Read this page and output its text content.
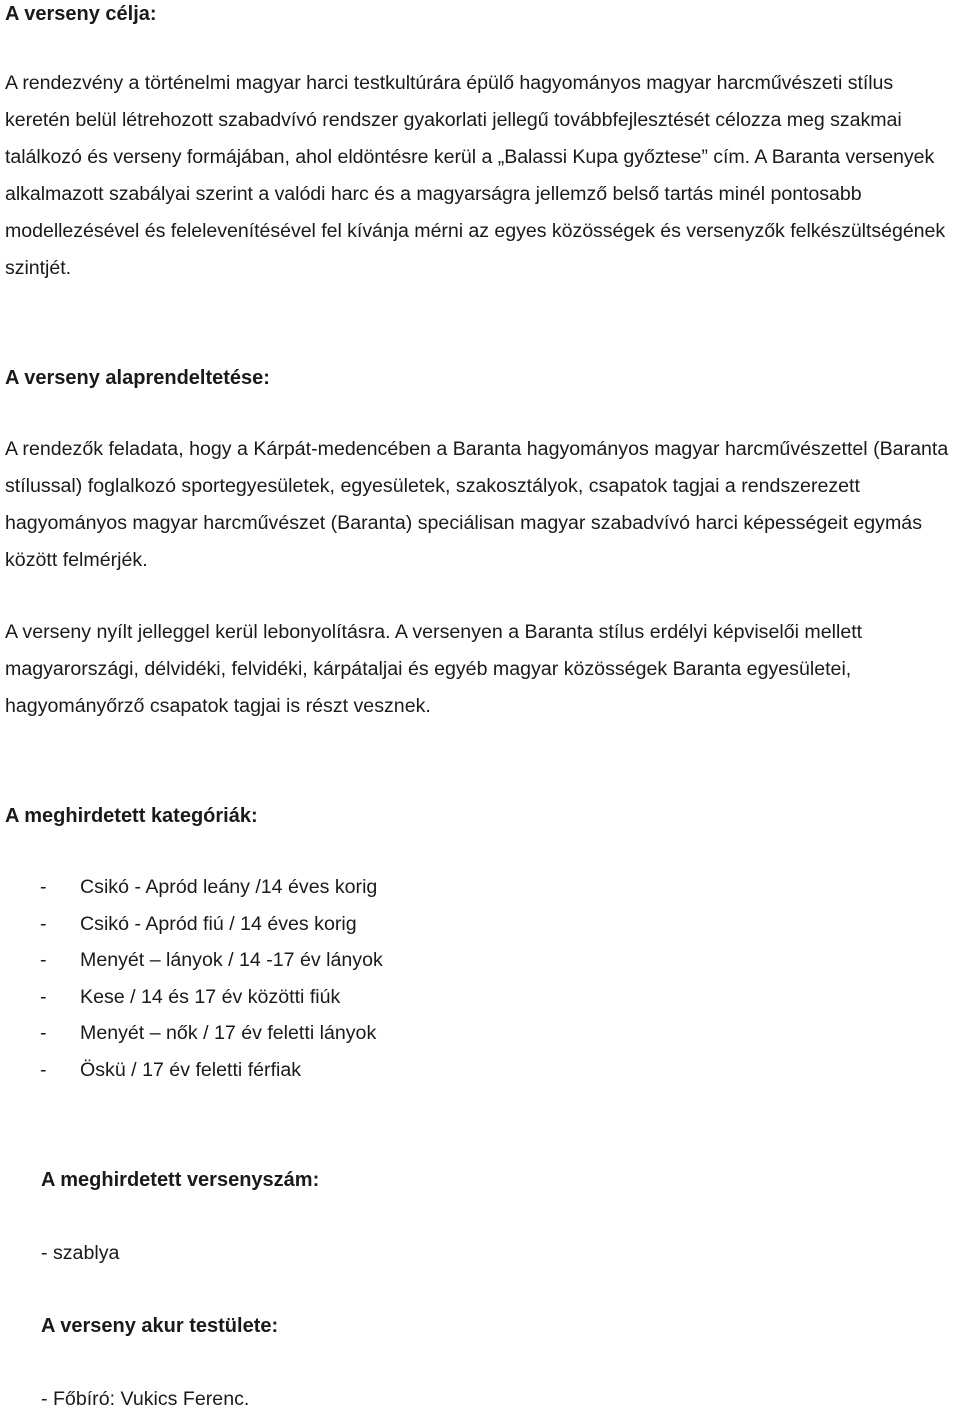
A verseny célja:

A rendezvény a történelmi magyar harci testkultúrára épülő hagyományos magyar harcművészeti stílus keretén belül létrehozott szabadvívó rendszer gyakorlati jellegű továbbfejlesztését célozza meg szakmai találkozó és verseny formájában, ahol eldöntésre kerül a „Balassi Kupa győztese” cím. A Baranta versenyek alkalmazott szabályai szerint a valódi harc és a magyarságra jellemző belső tartás minél pontosabb modellezésével és felelevenítésével fel kívánja mérni az egyes közösségek és versenyzők felkészültségének szintjét.

A verseny alaprendeltetése:

A rendezők feladata, hogy a Kárpát-medencében a Baranta hagyományos magyar harcművészettel (Baranta stílussal) foglalkozó sportegyesületek, egyesületek, szakosztályok, csapatok tagjai a rendszerezett hagyományos magyar harcművészet (Baranta) speciálisan magyar szabadvívó harci képességeit egymás között felmérjék.

A verseny nyílt jelleggel kerül lebonyolításra. A versenyen a Baranta stílus erdélyi képviselői mellett magyarországi, délvidéki, felvidéki, kárpátaljai és egyéb magyar közösségek Baranta egyesületei, hagyományőrző csapatok tagjai is részt vesznek.

A meghirdetett kategóriák:
-	Csikó - Apród leány /14 éves korig
-	Csikó - Apród fiú / 14 éves korig
-	Menyét – lányok / 14 -17 év lányok
-	Kese / 14 és 17 év közötti fiúk
-	Menyét – nők / 17 év feletti lányok
-	Öskü / 17 év feletti férfiak
A meghirdetett versenyszám:
- szablya
A verseny akur testülete:
- Főbíró: Vukics Ferenc.
